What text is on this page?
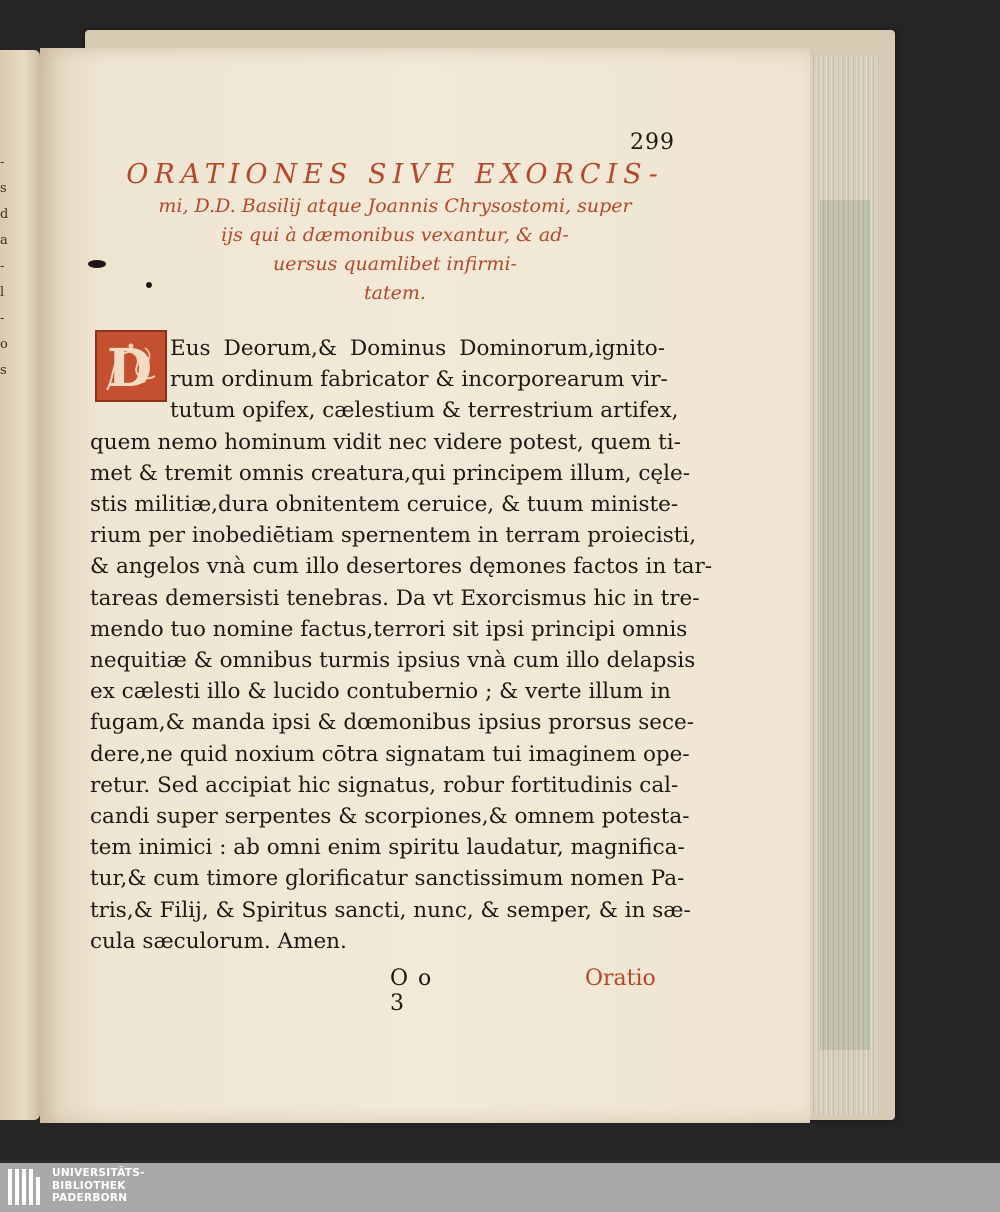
-
s
d
a
-
l
-
o
s
299
ORATIONES SIVE EXORCIS-
mi, D.D. Basilij atque Joannis Chrysostomi, super
ijs qui à dæmonibus vexantur, & ad-
uersus quamlibet infirmi-
tatem.
D Eus Deorum,& Dominus Dominorum,ignito-
rum ordinum fabricator & incorporearum vir-
tutum opifex, cælestium & terrestrium artifex,
quem nemo hominum vidit nec videre potest, quem ti-
met & tremit omnis creatura,qui principem illum, cęle-
stis militiæ,dura obnitentem ceruice, & tuum ministe-
rium per inobediētiam spernentem in terram proiecisti,
& angelos vnà cum illo desertores dęmones factos in tar-
tareas demersisti tenebras. Da vt Exorcismus hic in tre-
mendo tuo nomine factus,terrori sit ipsi principi omnis
nequitiæ & omnibus turmis ipsius vnà cum illo delapsis
ex cælesti illo & lucido contubernio ; & verte illum in
fugam,& manda ipsi & dœmonibus ipsius prorsus sece-
dere,ne quid noxium cōtra signatam tui imaginem ope-
retur. Sed accipiat hic signatus, robur fortitudinis cal-
candi super serpentes & scorpiones,& omnem potesta-
tem inimici : ab omni enim spiritu laudatur, magnifica-
tur,& cum timore glorificatur sanctissimum nomen Pa-
tris,& Filij, & Spiritus sancti, nunc, & semper, & in sæ-
cula sæculorum. Amen.
Oo 3
Oratio
UNIVERSITÄTS-
BIBLIOTHEK
PADERBORN
